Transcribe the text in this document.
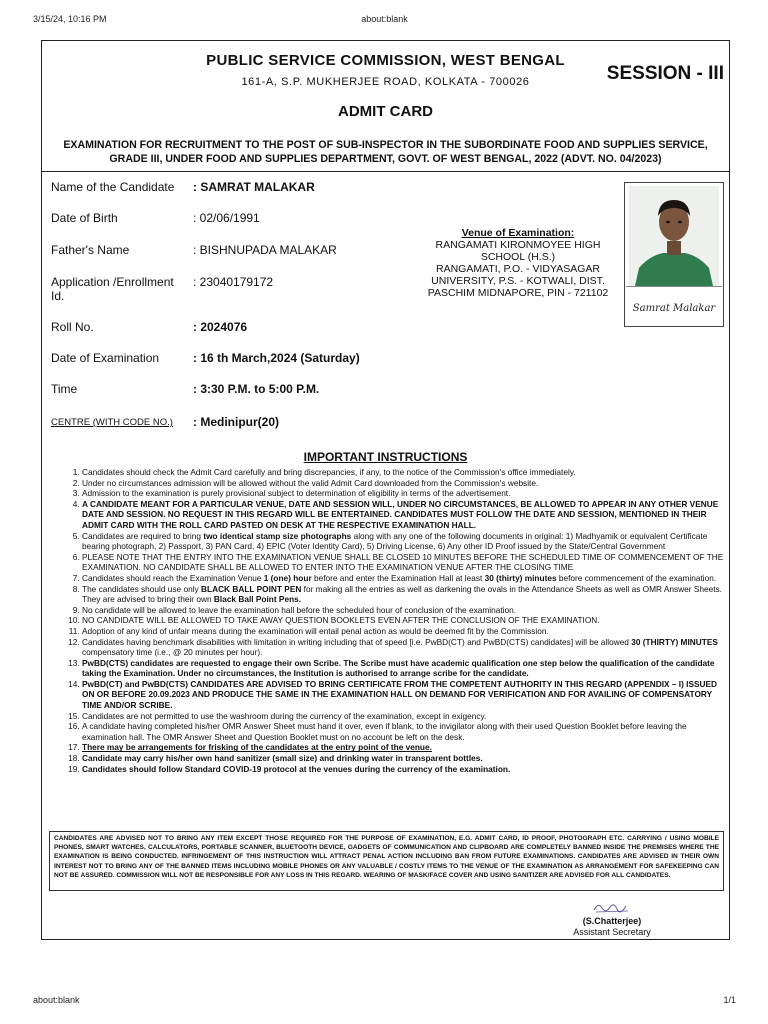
3/15/24, 10:16 PM	about:blank
PUBLIC SERVICE COMMISSION, WEST BENGAL
161-A, S.P. MUKHERJEE ROAD, KOLKATA - 700026	SESSION - III
ADMIT CARD
EXAMINATION FOR RECRUITMENT TO THE POST OF SUB-INSPECTOR IN THE SUBORDINATE FOOD AND SUPPLIES SERVICE, GRADE III, UNDER FOOD AND SUPPLIES DEPARTMENT, GOVT. OF WEST BENGAL, 2022 (ADVT. NO. 04/2023)
Name of the Candidate	: SAMRAT MALAKAR
Date of Birth	: 02/06/1991
Father's Name	: BISHNUPADA MALAKAR
Application /Enrollment Id.
: 23040179172
Roll No.	: 2024076
Date of Examination	: 16 th March,2024 (Saturday)
Time	: 3:30 P.M. to 5:00 P.M.
CENTRE (WITH CODE NO.)	: Medinipur(20)
Venue of Examination:
RANGAMATI KIRONMOYEE HIGH
SCHOOL (H.S.)
RANGAMATI, P.O. - VIDYASAGAR
UNIVERSITY, P.S. - KOTWALI, DIST.
PASCHIM MIDNAPORE, PIN - 721102
Samrat Malakar
IMPORTANT INSTRUCTIONS
1. Candidates should check the Admit Card carefully and bring discrepancies, if any, to the notice of the Commission's office immediately.
2. Under no circumstances admission will be allowed without the valid Admit Card downloaded from the Commission's website.
3. Admission to the examination is purely provisional subject to determination of eligibility in terms of the advertisement.
4. A CANDIDATE MEANT FOR A PARTICULAR VENUE, DATE AND SESSION WILL, UNDER NO CIRCUMSTANCES, BE ALLOWED TO APPEAR IN ANY OTHER VENUE DATE AND SESSION. NO REQUEST IN THIS REGARD WILL BE ENTERTAINED. CANDIDATES MUST FOLLOW THE DATE AND SESSION, MENTIONED IN THEIR ADMIT CARD WITH THE ROLL CARD PASTED ON DESK AT THE RESPECTIVE EXAMINATION HALL.
5. Candidates are required to bring two identical stamp size photographs along with any one of the following documents in original: 1) Madhyamik or equivalent Certificate bearing photograph, 2) Passport, 3) PAN Card, 4) EPIC (Voter Identity Card), 5) Driving License, 6) Any other ID Proof issued by the State/Central Government
6. PLEASE NOTE THAT THE ENTRY INTO THE EXAMINATION VENUE SHALL BE CLOSED 10 MINUTES BEFORE THE SCHEDULED TIME OF COMMENCEMENT OF THE EXAMINATION. NO CANDIDATE SHALL BE ALLOWED TO ENTER INTO THE EXAMINATION VENUE AFTER THE CLOSING TIME
7. Candidates should reach the Examination Venue 1 (one) hour before and enter the Examination Hall at least 30 (thirty) minutes before commencement of the examination.
8. The candidates should use only BLACK BALL POINT PEN for making all the entries as well as darkening the ovals in the Attendance Sheets as well as OMR Answer Sheets. They are advised to bring their own Black Ball Point Pens.
9. No candidate will be allowed to leave the examination hall before the scheduled hour of conclusion of the examination.
10. NO CANDIDATE WILL BE ALLOWED TO TAKE AWAY QUESTION BOOKLETS EVEN AFTER THE CONCLUSION OF THE EXAMINATION.
11. Adoption of any kind of unfair means during the examination will entail penal action as would be deemed fit by the Commission.
12. Candidates having benchmark disabilities with limitation in writing including that of speed [i.e. PwBD(CT) and PwBD(CTS) candidates] will be allowed 30 (THIRTY) MINUTES compensatory time (i.e., @ 20 minutes per hour).
13. PwBD(CTS) candidates are requested to engage their own Scribe. The Scribe must have academic qualification one step below the qualification of the candidate taking the Examination. Under no circumstances, the Institution is authorised to arrange scribe for the candidate.
14. PwBD(CT) and PwBD(CTS) CANDIDATES ARE ADVISED TO BRING CERTIFICATE FROM THE COMPETENT AUTHORITY IN THIS REGARD (APPENDIX – I) ISSUED ON OR BEFORE 20.09.2023 AND PRODUCE THE SAME IN THE EXAMINATION HALL ON DEMAND FOR VERIFICATION AND FOR AVAILING OF COMPENSATORY TIME AND/OR SCRIBE.
15. Candidates are not permitted to use the washroom during the currency of the examination, except in exigency.
16. A candidate having completed his/her OMR Answer Sheet must hand it over, even if blank, to the invigilator along with their used Question Booklet before leaving the examination hall. The OMR Answer Sheet and Question Booklet must on no account be left on the desk.
17. There may be arrangements for frisking of the candidates at the entry point of the venue.
18. Candidate may carry his/her own hand sanitizer (small size) and drinking water in transparent bottles.
19. Candidates should follow Standard COVID-19 protocol at the venues during the currency of the examination.
CANDIDATES ARE ADVISED NOT TO BRING ANY ITEM EXCEPT THOSE REQUIRED FOR THE PURPOSE OF EXAMINATION, E.G. ADMIT CARD, ID PROOF, PHOTOGRAPH ETC. CARRYING / USING MOBILE PHONES, SMART WATCHES, CALCULATORS, PORTABLE SCANNER, BLUETOOTH DEVICE, GADGETS OF COMMUNICATION AND CLIPBOARD ARE COMPLETELY BANNED INSIDE THE PREMISES WHERE THE EXAMINATION IS BEING CONDUCTED. INFRINGEMENT OF THIS INSTRUCTION WILL ATTRACT PENAL ACTION INCLUDING BAN FROM FUTURE EXAMINATIONS. CANDIDATES ARE ADVISED IN THEIR OWN INTEREST NOT TO BRING ANY OF THE BANNED ITEMS INCLUDING MOBILE PHONES OR ANY VALUABLE / COSTLY ITEMS TO THE VENUE OF THE EXAMINATION AS ARRANGEMENT FOR SAFEKEEPING CAN NOT BE ASSURED. COMMISSION WILL NOT BE RESPONSIBLE FOR ANY LOSS IN THIS REGARD. WEARING OF MASK/FACE COVER AND USING SANITIZER ARE ADVISED FOR ALL CANDIDATES.
(S.Chatterjee)
Assistant Secretary
about:blank	1/1
